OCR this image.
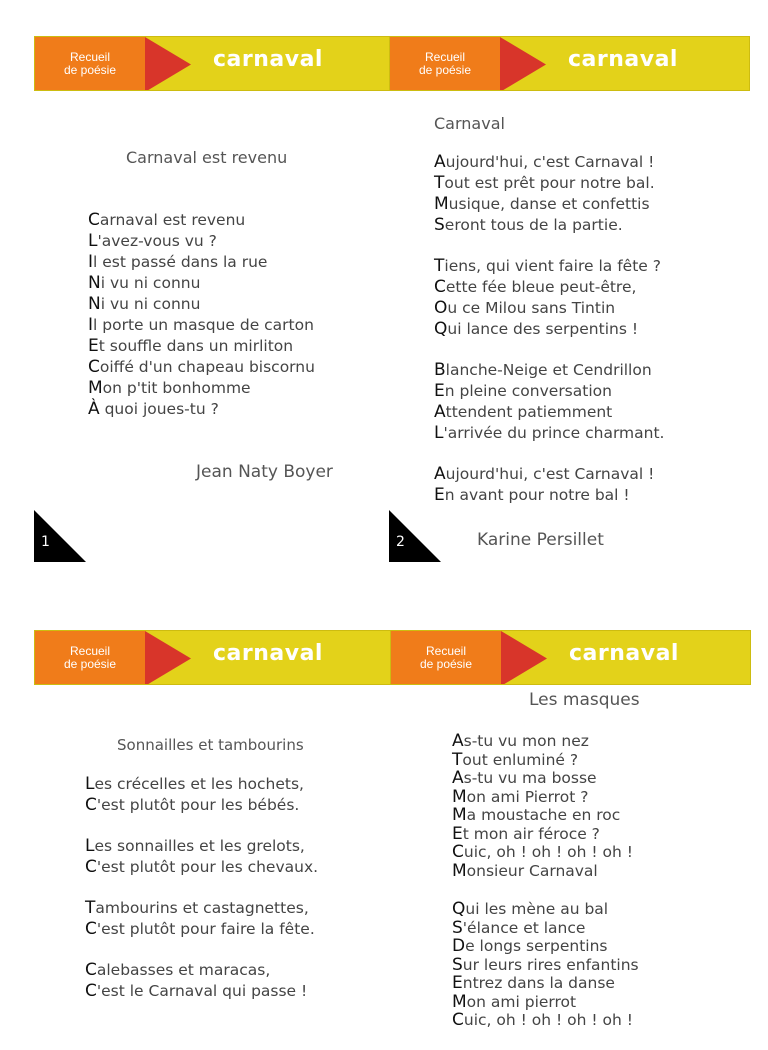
Recueil
de poésie	carnaval
Carnaval est revenu
Carnaval est revenu
L'avez-vous vu ?
Il est passé dans la rue
Ni vu ni connu
Ni vu ni connu
Il porte un masque de carton
Et souffle dans un mirliton
Coiffé d'un chapeau biscornu
Mon p'tit bonhomme
À quoi joues-tu ?
Jean Naty Boyer
1
Recueil
de poésie	carnaval
Carnaval
Aujourd'hui, c'est Carnaval !
Tout est prêt pour notre bal.
Musique, danse et confettis
Seront tous de la partie.
Tiens, qui vient faire la fête ?
Cette fée bleue peut-être,
Ou ce Milou sans Tintin
Qui lance des serpentins !
Blanche-Neige et Cendrillon
En pleine conversation
Attendent patiemment
L'arrivée du prince charmant.
Aujourd'hui, c'est Carnaval !
En avant pour notre bal !
Karine Persillet
2
Recueil
de poésie	carnaval
Sonnailles et tambourins
Les crécelles et les hochets,
C'est plutôt pour les bébés.
Les sonnailles et les grelots,
C'est plutôt pour les chevaux.
Tambourins et castagnettes,
C'est plutôt pour faire la fête.
Calebasses et maracas,
C'est le Carnaval qui passe !
Recueil
de poésie	carnaval
Les masques
As-tu vu mon nez
Tout enluminé ?
As-tu vu ma bosse
Mon ami Pierrot ?
Ma moustache en roc
Et mon air féroce ?
Cuic, oh ! oh ! oh ! oh !
Monsieur Carnaval
Qui les mène au bal
S'élance et lance
De longs serpentins
Sur leurs rires enfantins
Entrez dans la danse
Mon ami pierrot
Cuic, oh ! oh ! oh ! oh !
